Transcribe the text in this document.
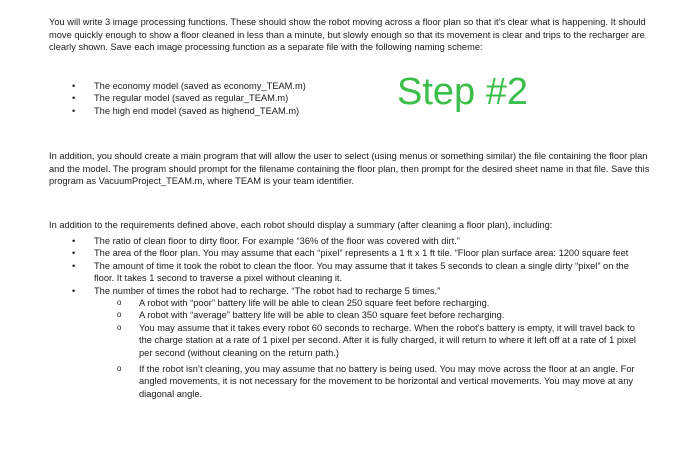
You will write 3 image processing functions. These should show the robot moving across a floor plan so that it’s clear what is happening. It should move quickly enough to show a floor cleaned in less than a minute, but slowly enough so that its movement is clear and trips to the recharger are clearly shown. Save each image processing function as a separate file with the following naming scheme:

• The economy model (saved as economy_TEAM.m)
• The regular model (saved as regular_TEAM.m)
• The high end model (saved as highend_TEAM.m)	Step #2

In addition, you should create a main program that will allow the user to select (using menus or something similar) the file containing the floor plan and the model. The program should prompt for the filename containing the floor plan, then prompt for the desired sheet name in that file. Save this program as VacuumProject_TEAM.m, where TEAM is your team identifier.

In addition to the requirements defined above, each robot should display a summary (after cleaning a floor plan), including:

• The ratio of clean floor to dirty floor. For example “36% of the floor was covered with dirt.”
• The area of the floor plan. You may assume that each “pixel” represents a 1 ft x 1 ft tile. “Floor plan surface area: 1200 square feet
• The amount of time it took the robot to clean the floor. You may assume that it takes 5 seconds to clean a single dirty “pixel” on the floor. It takes 1 second to traverse a pixel without cleaning it.
• The number of times the robot had to recharge. “The robot had to recharge 5 times.”
o A robot with “poor” battery life will be able to clean 250 square feet before recharging.
o A robot with “average” battery life will be able to clean 350 square feet before recharging.
o You may assume that it takes every robot 60 seconds to recharge. When the robot’s battery is empty, it will travel back to the charge station at a rate of 1 pixel per second. After it is fully charged, it will return to where it left off at a rate of 1 pixel per second (without cleaning on the return path.)
o If the robot isn’t cleaning, you may assume that no battery is being used. You may move across the floor at an angle. For angled movements, it is not necessary for the movement to be horizontal and vertical movements. You may move at any diagonal angle.
